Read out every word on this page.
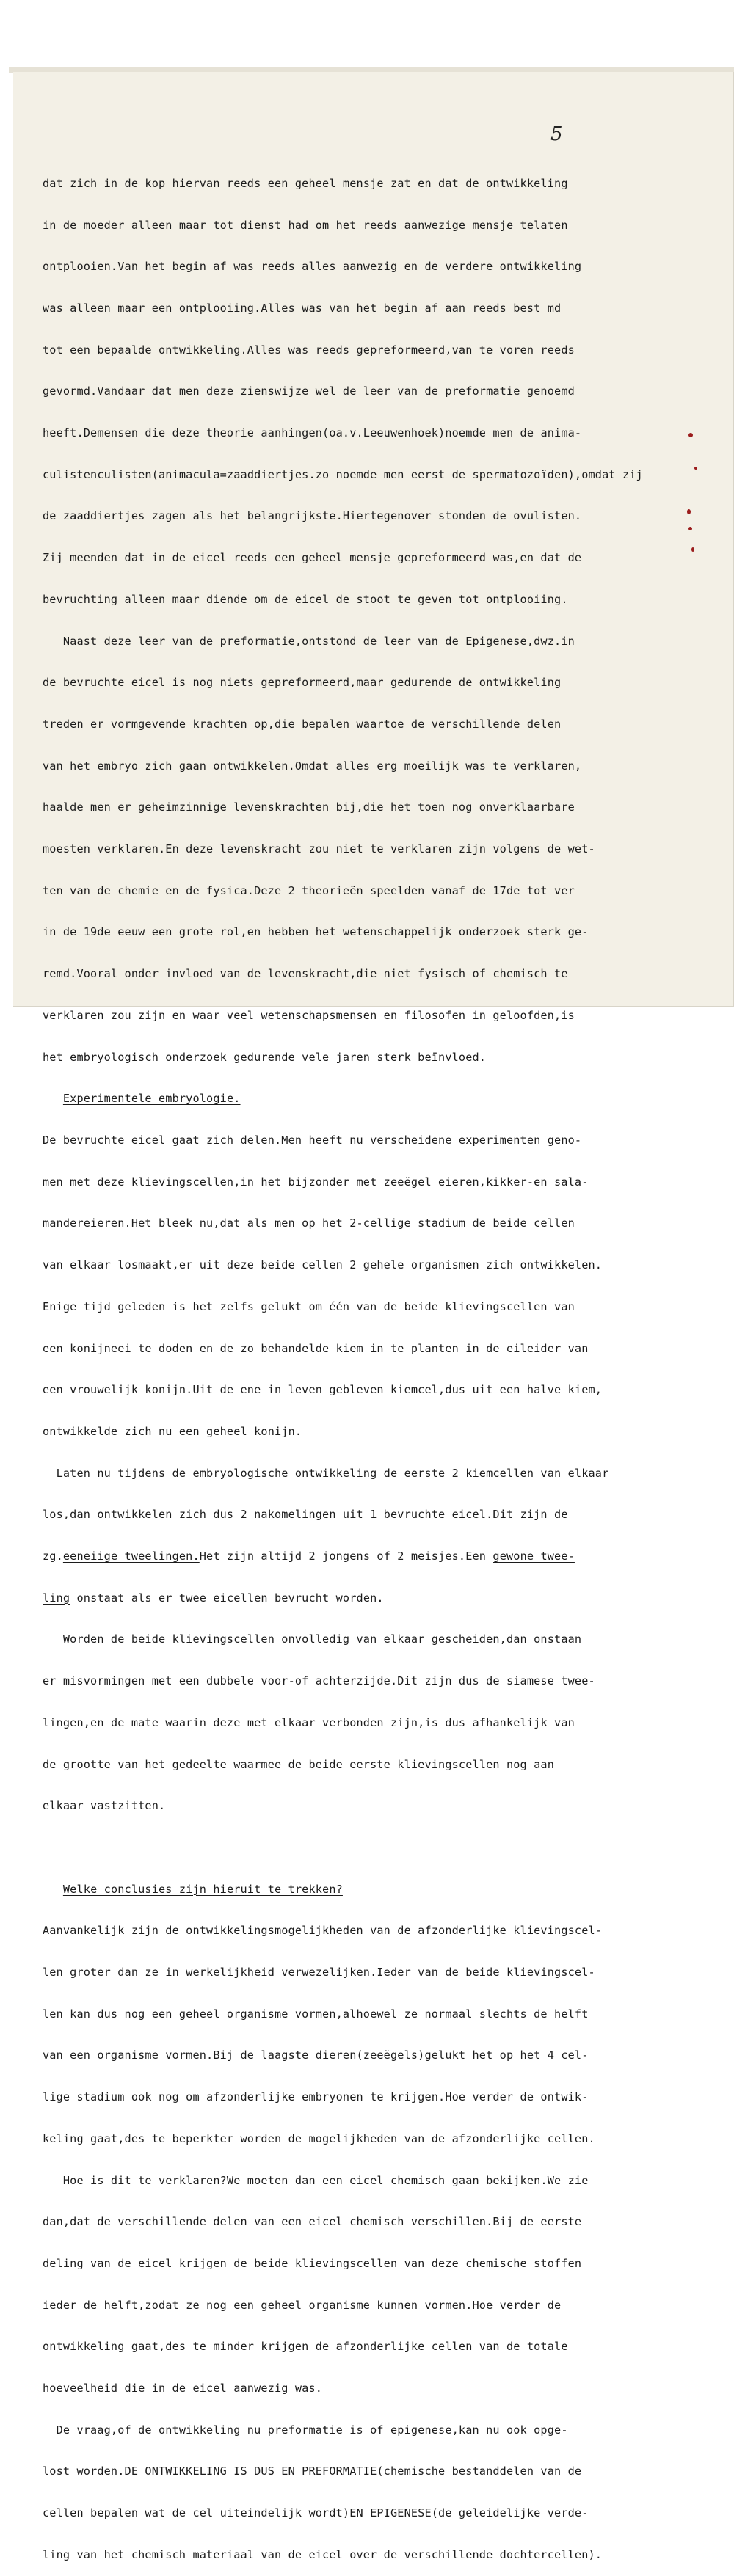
5

dat zich in de kop hiervan reeds een geheel mensje zat en dat de ontwikkeling

in de moeder alleen maar tot dienst had om het reeds aanwezige mensje telaten

ontplooien.Van het begin af was reeds alles aanwezig en de verdere ontwikkeling

was alleen maar een ontplooiing.Alles was van het begin af aan reeds best md

tot een bepaalde ontwikkeling.Alles was reeds gepreformeerd,van te voren reeds

gevormd.Vandaar dat men deze zienswijze wel de leer van de preformatie genoemd

heeft.Demensen die deze theorie aanhingen(oa.v.Leeuwenhoek)noemde men de anima-

culistenculisten(animacula=zaaddiertjes.zo noemde men eerst de spermatozoïden),omdat zij

de zaaddiertjes zagen als het belangrijkste.Hiertegenover stonden de ovulisten.

Zij meenden dat in de eicel reeds een geheel mensje gepreformeerd was,en dat de

bevruchting alleen maar diende om de eicel de stoot te geven tot ontplooiing.

Naast deze leer van de preformatie,ontstond de leer van de Epigenese,dwz.in

de bevruchte eicel is nog niets gepreformeerd,maar gedurende de ontwikkeling

treden er vormgevende krachten op,die bepalen waartoe de verschillende delen

van het embryo zich gaan ontwikkelen.Omdat alles erg moeilijk was te verklaren,

haalde men er geheimzinnige levenskrachten bij,die het toen nog onverklaarbare

moesten verklaren.En deze levenskracht zou niet te verklaren zijn volgens de wet-

ten van de chemie en de fysica.Deze 2 theorieën speelden vanaf de 17de tot ver

in de 19de eeuw een grote rol,en hebben het wetenschappelijk onderzoek sterk ge-

remd.Vooral onder invloed van de levenskracht,die niet fysisch of chemisch te

verklaren zou zijn en waar veel wetenschapsmensen en filosofen in geloofden,is

het embryologisch onderzoek gedurende vele jaren sterk beïnvloed.

Experimentele embryologie.

De bevruchte eicel gaat zich delen.Men heeft nu verscheidene experimenten geno-

men met deze klievingscellen,in het bijzonder met zeeëgel eieren,kikker-en sala-

mandereieren.Het bleek nu,dat als men op het 2-cellige stadium de beide cellen

van elkaar losmaakt,er uit deze beide cellen 2 gehele organismen zich ontwikkelen.

Enige tijd geleden is het zelfs gelukt om één van de beide klievingscellen van

een konijneei te doden en de zo behandelde kiem in te planten in de eileider van

een vrouwelijk konijn.Uit de ene in leven gebleven kiemcel,dus uit een halve kiem,

ontwikkelde zich nu een geheel konijn.

Laten nu tijdens de embryologische ontwikkeling de eerste 2 kiemcellen van elkaar

los,dan ontwikkelen zich dus 2 nakomelingen uit 1 bevruchte eicel.Dit zijn de

zg.eeneiige tweelingen.Het zijn altijd 2 jongens of 2 meisjes.Een gewone twee-

ling onstaat als er twee eicellen bevrucht worden.

Worden de beide klievingscellen onvolledig van elkaar gescheiden,dan onstaan

er misvormingen met een dubbele voor-of achterzijde.Dit zijn dus de siamese twee-

lingen,en de mate waarin deze met elkaar verbonden zijn,is dus afhankelijk van

de grootte van het gedeelte waarmee de beide eerste klievingscellen nog aan

elkaar vastzitten.

Welke conclusies zijn hieruit te trekken?

Aanvankelijk zijn de ontwikkelingsmogelijkheden van de afzonderlijke klievingscel-

len groter dan ze in werkelijkheid verwezelijken.Ieder van de beide klievingscel-

len kan dus nog een geheel organisme vormen,alhoewel ze normaal slechts de helft

van een organisme vormen.Bij de laagste dieren(zeeëgels)gelukt het op het 4 cel-

lige stadium ook nog om afzonderlijke embryonen te krijgen.Hoe verder de ontwik-

keling gaat,des te beperkter worden de mogelijkheden van de afzonderlijke cellen.

Hoe is dit te verklaren?We moeten dan een eicel chemisch gaan bekijken.We zie

dan,dat de verschillende delen van een eicel chemisch verschillen.Bij de eerste

deling van de eicel krijgen de beide klievingscellen van deze chemische stoffen

ieder de helft,zodat ze nog een geheel organisme kunnen vormen.Hoe verder de

ontwikkeling gaat,des te minder krijgen de afzonderlijke cellen van de totale

hoeveelheid die in de eicel aanwezig was.

De vraag,of de ontwikkeling nu preformatie is of epigenese,kan nu ook opge-

lost worden.DE ONTWIKKELING IS DUS EN PREFORMATIE(chemische bestanddelen van de

cellen bepalen wat de cel uiteindelijk wordt)EN EPIGENESE(de geleidelijke verde-

ling van het chemisch materiaal van de eicel over de verschillende dochtercellen).
